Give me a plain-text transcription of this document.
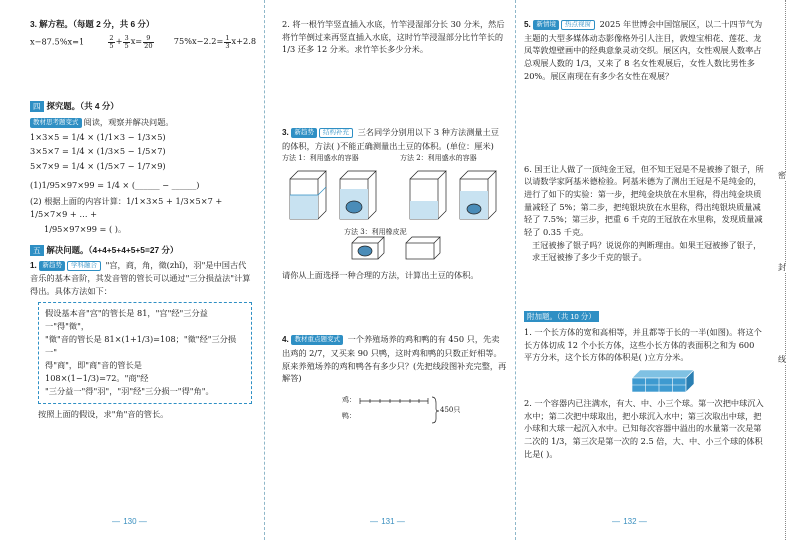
3. 解方程。（每题 2 分，共 6 分）

x−87.5%x=1	$\frac{2}{5} + \frac{3}{5} x= \frac{9}{20} 75\%x-2.2= \frac{1}{3} x+2.8$

四 探究题。（共 4 分）

教材思考题变式 阅读，观察并解决问题。

1×3×5 = 1/4 × (1/1×3 − 1/3×5)

3×5×7 = 1/4 × (1/3×5 − 1/5×7)

5×7×9 = 1/4 × (1/5×7 − 1/7×9)

(1)1/95×97×99 = 1/4 × (______ − ______)

(2) 根据上面的内容计算：1/1×3×5 + 1/3×5×7 + 1/5×7×9 + … +

1/95×97×99 = ( )。

五 解决问题。（4+4+5+4+5+5=27 分）

1. 新趋势 学科融合 "宫，商，角，徵(zhǐ)，羽"是中国古代音乐的基本音阶，其发音管的管长可以通过"三分损益法"计算得出。具体方法如下：

假设基本音"宫"的管长是 81，"宫"经"三分益一"得"徵"，

"徵"音的管长是 81×(1+1/3)=108；"徵"经"三分损一"

得"商"，即"商"音的管长是 108×(1−1/3)=72。"商"经

"三分益一"得"羽"，"羽"经"三分损一"得"角"。

按照上面的假设，求"角"音的管长。

2. 将一根竹竿竖直插入水底，竹竿浸湿部分长 30 分米，然后将竹竿倒过来再竖直插入水底，这时竹竿浸湿部分比竹竿长的 1/3 还多 12 分米。求竹竿长多少分米。

3. 新趋势 结构补充 三名同学分别用以下 3 种方法测量土豆的体积，方法( )不能正确测量出土豆的体积。(单位：厘米)

方法 1：利用盛水的容器	方法 2：利用盛水的容器
方法 3：利用橡皮泥

请你从上面选择一种合理的方法，计算出土豆的体积。

4. 教材重点题变式 一个养殖场养的鸡和鸭的有 450 只，先卖出鸡的 2/7，又买来 90 只鸭，这时鸡和鸭的只数正好相等。原来养殖场养的鸡和鸭各有多少只？(先把线段图补充完整，再解答)

鸡：
鸭：
450只

5. 新情境 热点视窗 2025 年世博会中国馆展区，以二十四节气为主题的大型多媒体动态影像格外引人注目，敦煌宝相花、莲花、龙凤等敦煌壁画中的经典意象灵动交织。展区内，女性观展人数率占总观展人数的 1/3，又来了 8 名女性观展后，女性人数比男性多 20%。展区南现在有多少名女性在观展？

6. 国王让人做了一顶纯金王冠，但不知王冠是不是被掺了银子，所以请数学家阿基米德检验。阿基米德为了测出王冠是不是纯金的，进行了如下的实验：第一步，把纯金块放在水里称，得出纯金块质量减轻了 5%；第二步，把纯银块放在水里称，得出纯银块质量减轻了 7.5%；第三步，把重 6 千克的王冠放在水里称，发现质量减轻了 0.35 千克。

王冠被掺了银子吗？说说你的判断理由。如果王冠被掺了银子，求王冠被掺了多少千克的银子。

附加题。（共 10 分）

1. 一个长方体的宽和高相等，并且都等于长的一半(如图)。将这个长方体切成 12 个小长方体，这些小长方体的表面积之和为 600 平方分米，这个长方体的体积是( )立方分米。

2. 一个容器内已注满水，有大、中、小三个球。第一次把中球沉入水中；第二次把中球取出，把小球沉入水中；第三次取出中球，把小球和大球一起沉入水中。已知每次容器中溢出的水量第一次是第二次的 1/3，第三次是第一次的 2.5 倍，大、中、小三个球的体积比是( )。

密
封
线
— 130 —	— 131 —	— 132 —
